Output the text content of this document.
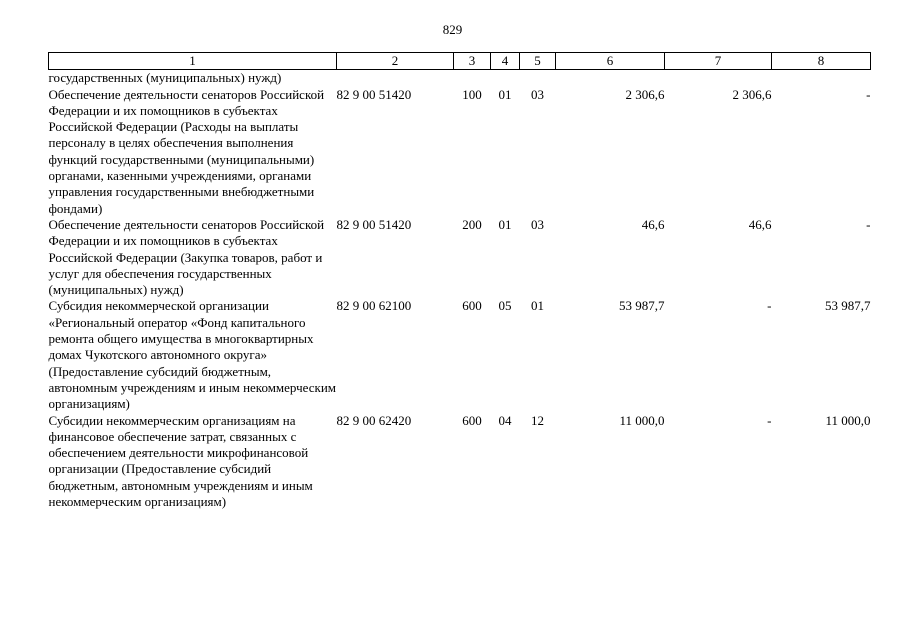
829
1	2	3	4	5	6	7	8
государственных (муниципальных) нужд)							
Обеспечение деятельности сенаторов Российской Федерации и их помощников в субъектах Российской Федерации (Расходы на выплаты персоналу в целях обеспечения выполнения функций государственными (муниципальными) органами, казенными учреждениями, органами управления государственными внебюджетными фондами)	82 9 00 51420	100	01	03	2 306,6	2 306,6	-
Обеспечение деятельности сенаторов Российской Федерации и их помощников в субъектах Российской Федерации (Закупка товаров, работ и услуг для обеспечения государственных (муниципальных) нужд)	82 9 00 51420	200	01	03	46,6	46,6	-
Субсидия некоммерческой организации «Региональный оператор «Фонд капитального ремонта общего имущества в многоквартирных домах Чукотского автономного округа» (Предоставление субсидий бюджетным, автономным учреждениям и иным некоммерческим организациям)	82 9 00 62100	600	05	01	53 987,7	-	53 987,7
Субсидии некоммерческим организациям на финансовое обеспечение затрат, связанных с обеспечением деятельности микрофинансовой организации (Предоставление субсидий бюджетным, автономным учреждениям и иным некоммерческим организациям)	82 9 00 62420	600	04	12	11 000,0	-	11 000,0
